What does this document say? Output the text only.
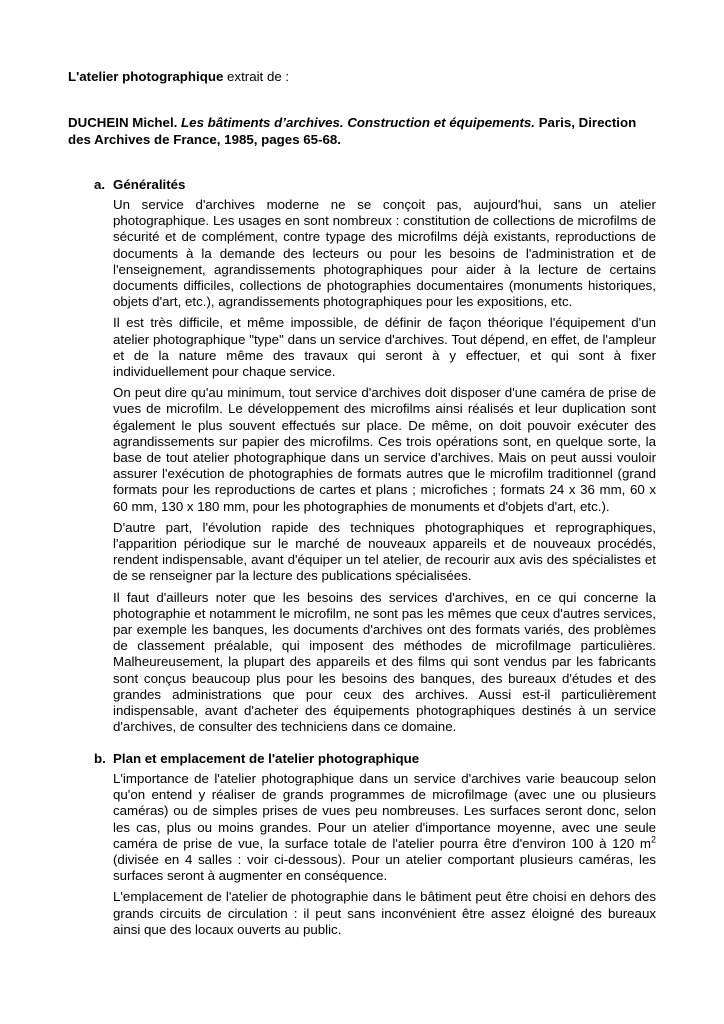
L'atelier photographique extrait de :
DUCHEIN Michel. Les bâtiments d’archives. Construction et équipements. Paris, Direction des Archives de France, 1985, pages 65-68.
a. Généralités

Un service d'archives moderne ne se conçoit pas, aujourd'hui, sans un atelier photographique. Les usages en sont nombreux : constitution de collections de microfilms de sécurité et de complément, contre typage des microfilms déjà existants, reproductions de documents à la demande des lecteurs ou pour les besoins de l'administration et de l'enseignement, agrandissements photographiques pour aider à la lecture de certains documents difficiles, collections de photographies documentaires (monuments historiques, objets d'art, etc.), agrandissements photographiques pour les expositions, etc.

Il est très difficile, et même impossible, de définir de façon théorique l'équipement d'un atelier photographique "type" dans un service d'archives. Tout dépend, en effet, de l'ampleur et de la nature même des travaux qui seront à y effectuer, et qui sont à fixer individuellement pour chaque service.

On peut dire qu'au minimum, tout service d'archives doit disposer d'une caméra de prise de vues de microfilm. Le développement des microfilms ainsi réalisés et leur duplication sont également le plus souvent effectués sur place. De même, on doit pouvoir exécuter des agrandissements sur papier des microfilms. Ces trois opérations sont, en quelque sorte, la base de tout atelier photographique dans un service d'archives. Mais on peut aussi vouloir assurer l'exécution de photographies de formats autres que le microfilm traditionnel (grand formats pour les reproductions de cartes et plans ; microfiches ; formats 24 x 36 mm, 60 x 60 mm, 130 x 180 mm, pour les photographies de monuments et d'objets d'art, etc.).

D'autre part, l'évolution rapide des techniques photographiques et reprographiques, l'apparition périodique sur le marché de nouveaux appareils et de nouveaux procédés, rendent indispensable, avant d'équiper un tel atelier, de recourir aux avis des spécialistes et de se renseigner par la lecture des publications spécialisées.

Il faut d'ailleurs noter que les besoins des services d'archives, en ce qui concerne la photographie et notamment le microfilm, ne sont pas les mêmes que ceux d'autres services, par exemple les banques, les documents d'archives ont des formats variés, des problèmes de classement préalable, qui imposent des méthodes de microfilmage particulières. Malheureusement, la plupart des appareils et des films qui sont vendus par les fabricants sont conçus beaucoup plus pour les besoins des banques, des bureaux d'études et des grandes administrations que pour ceux des archives. Aussi est-il particulièrement indispensable, avant d'acheter des équipements photographiques destinés à un service d'archives, de consulter des techniciens dans ce domaine.

b. Plan et emplacement de l'atelier photographique

L'importance de l'atelier photographique dans un service d'archives varie beaucoup selon qu'on entend y réaliser de grands programmes de microfilmage (avec une ou plusieurs caméras) ou de simples prises de vues peu nombreuses. Les surfaces seront donc, selon les cas, plus ou moins grandes. Pour un atelier d'importance moyenne, avec une seule caméra de prise de vue, la surface totale de l'atelier pourra être d'environ 100 à 120 $m^2$ (divisée en 4 salles : voir ci-dessous). Pour un atelier comportant plusieurs caméras, les surfaces seront à augmenter en conséquence.

L'emplacement de l'atelier de photographie dans le bâtiment peut être choisi en dehors des grands circuits de circulation : il peut sans inconvénient être assez éloigné des bureaux ainsi que des locaux ouverts au public.
